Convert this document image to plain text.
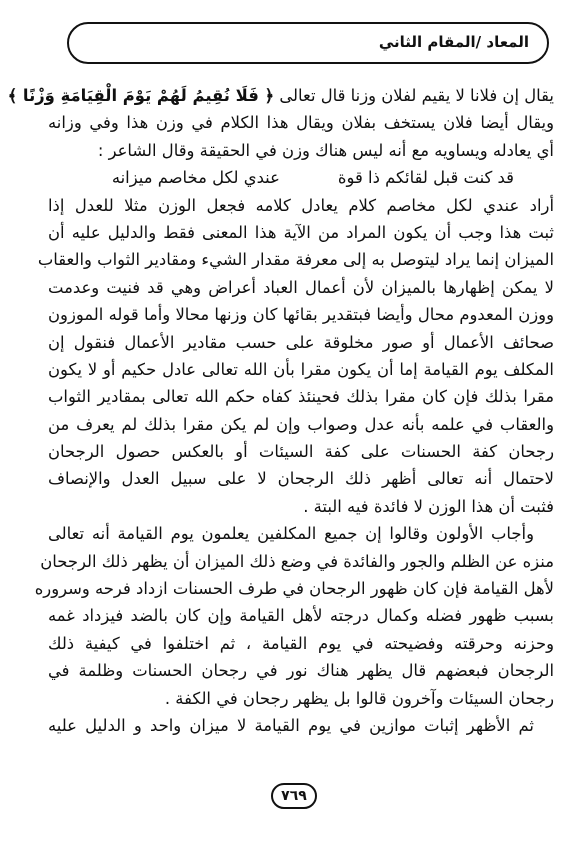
المعاد /المقام الثاني
يقال إن فلانا لا يقيم لفلان وزنا قال تعالى ﴿ فَلَا نُقِيمُ لَهُمْ يَوْمَ الْقِيَامَةِ وَزْنًا ﴾
ويقال أيضا فلان يستخف بفلان ويقال هذا الكلام في وزن هذا وفي وزانه
أي يعادله ويساويه مع أنه ليس هناك وزن في الحقيقة وقال الشاعر :
قد كنت قبل لقائكم ذا قوة
عندي لكل مخاصم ميزانه
أراد عندي لكل مخاصم كلام يعادل كلامه فجعل الوزن مثلا للعدل إذا
ثبت هذا وجب أن يكون المراد من الآية هذا المعنى فقط والدليل عليه أن
الميزان إنما يراد ليتوصل به إلى معرفة مقدار الشيء ومقادير الثواب والعقاب
لا يمكن إظهارها بالميزان لأن أعمال العباد أعراض وهي قد فنيت وعدمت
ووزن المعدوم محال وأيضا فبتقدير بقائها كان وزنها محالا وأما قوله الموزون
صحائف الأعمال أو صور مخلوقة على حسب مقادير الأعمال فنقول إن
المكلف يوم القيامة إما أن يكون مقرا بأن الله تعالى عادل حكيم أو لا يكون
مقرا بذلك فإن كان مقرا بذلك فحينئذ كفاه حكم الله تعالى بمقادير الثواب
والعقاب في علمه بأنه عدل وصواب وإن لم يكن مقرا بذلك لم يعرف من
رجحان كفة الحسنات على كفة السيئات أو بالعكس حصول الرجحان
لاحتمال أنه تعالى أظهر ذلك الرجحان لا على سبيل العدل والإنصاف
فثبت أن هذا الوزن لا فائدة فيه البتة .
وأجاب الأولون وقالوا إن جميع المكلفين يعلمون يوم القيامة أنه تعالى
منزه عن الظلم والجور والفائدة في وضع ذلك الميزان أن يظهر ذلك الرجحان
لأهل القيامة فإن كان ظهور الرجحان في طرف الحسنات ازداد فرحه وسروره
بسبب ظهور فضله وكمال درجته لأهل القيامة وإن كان بالضد فيزداد غمه
وحزنه وحرقته وفضيحته في يوم القيامة ، ثم اختلفوا في كيفية ذلك
الرجحان فبعضهم قال يظهر هناك نور في رجحان الحسنات وظلمة في
رجحان السيئات وآخرون قالوا بل يظهر رجحان في الكفة .
ثم الأظهر إثبات موازين في يوم القيامة لا ميزان واحد و الدليل عليه
٧٦٩
